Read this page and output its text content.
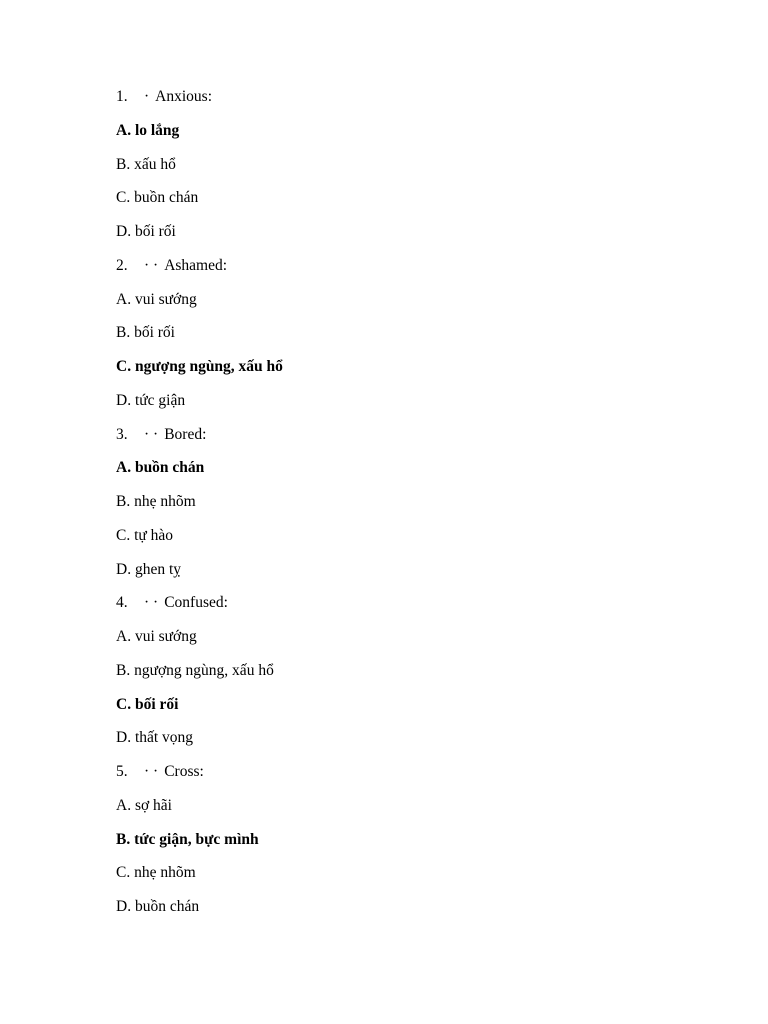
1. · Anxious:
A. lo lắng
B. xấu hổ
C. buồn chán
D. bối rối
2. · · Ashamed:
A. vui sướng
B. bối rối
C. ngượng ngùng, xấu hổ
D. tức giận
3. · · Bored:
A. buồn chán
B. nhẹ nhõm
C. tự hào
D. ghen tỵ
4. · · Confused:
A. vui sướng
B. ngượng ngùng, xấu hổ
C. bối rối
D. thất vọng
5. · · Cross:
A. sợ hãi
B. tức giận, bực mình
C. nhẹ nhõm
D. buồn chán
